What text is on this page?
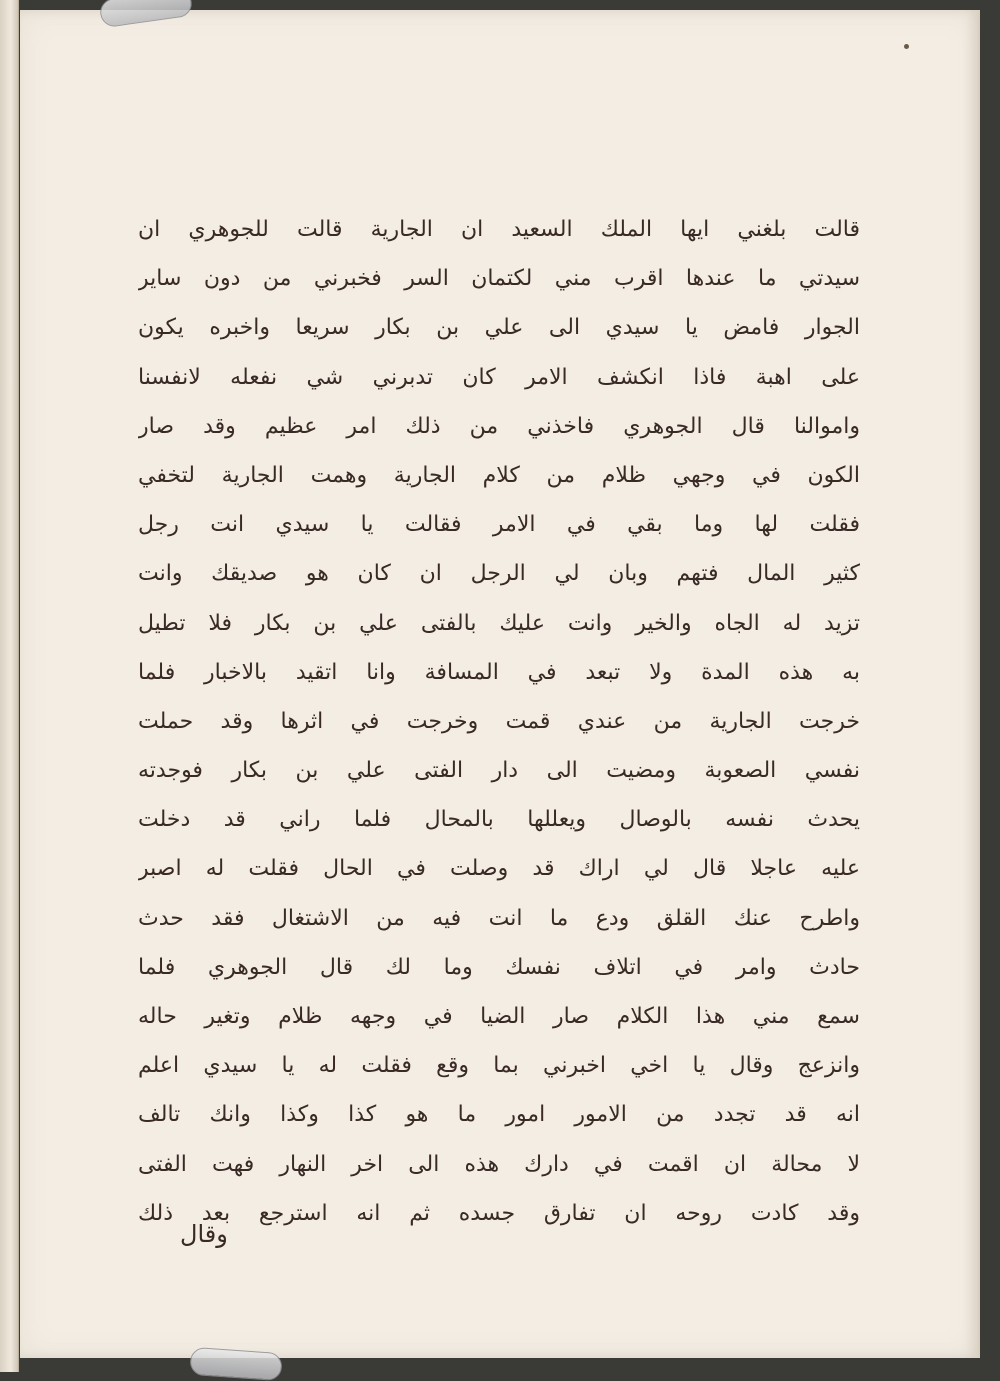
قالت بلغني ايها الملك السعيد ان الجارية قالت للجوهري ان
سيدتي ما عندها اقرب مني لكتمان السر فخبرني من دون ساير
الجوار فامض يا سيدي الى علي بن بكار سريعا واخبره يكون
على اهبة فاذا انكشف الامر كان تدبرني شي نفعله لانفسنا
واموالنا قال الجوهري فاخذني من ذلك امر عظيم وقد صار
الكون في وجهي ظلام من كلام الجارية وهمت الجارية لتخفي
فقلت لها وما بقي في الامر فقالت يا سيدي انت رجل
كثير المال فتهم وبان لي الرجل ان كان هو صديقك وانت
تزيد له الجاه والخير وانت عليك بالفتى علي بن بكار فلا تطيل
به هذه المدة ولا تبعد في المسافة وانا اتقيد بالاخبار فلما
خرجت الجارية من عندي قمت وخرجت في اثرها وقد حملت
نفسي الصعوبة ومضيت الى دار الفتى علي بن بكار فوجدته
يحدث نفسه بالوصال ويعللها بالمحال فلما راني قد دخلت
عليه عاجلا قال لي اراك قد وصلت في الحال فقلت له اصبر
واطرح عنك القلق ودع ما انت فيه من الاشتغال فقد حدث
حادث وامر في اتلاف نفسك وما لك قال الجوهري فلما
سمع مني هذا الكلام صار الضيا في وجهه ظلام وتغير حاله
وانزعج وقال يا اخي اخبرني بما وقع فقلت له يا سيدي اعلم
انه قد تجدد من الامور امور ما هو كذا وكذا وانك تالف
لا محالة ان اقمت في دارك هذه الى اخر النهار فهت الفتى
وقد كادت روحه ان تفارق جسده ثم انه استرجع بعد ذلك
وقال
